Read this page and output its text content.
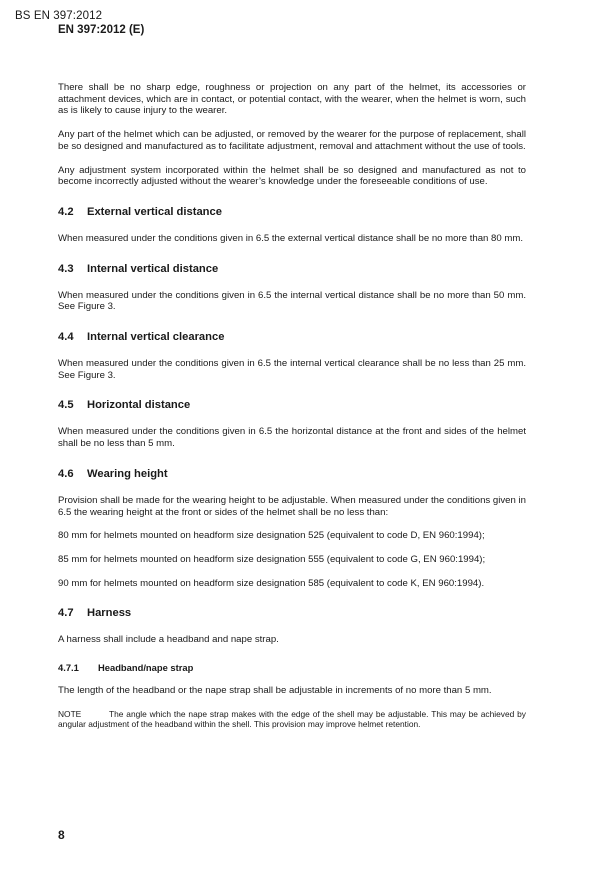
BS EN 397:2012
EN 397:2012 (E)

There shall be no sharp edge, roughness or projection on any part of the helmet, its accessories or attachment devices, which are in contact, or potential contact, with the wearer, when the helmet is worn, such as is likely to cause injury to the wearer.

Any part of the helmet which can be adjusted, or removed by the wearer for the purpose of replacement, shall be so designed and manufactured as to facilitate adjustment, removal and attachment without the use of tools.

Any adjustment system incorporated within the helmet shall be so designed and manufactured as not to become incorrectly adjusted without the wearer’s knowledge under the foreseeable conditions of use.

4.2 External vertical distance

When measured under the conditions given in 6.5 the external vertical distance shall be no more than 80 mm.

4.3 Internal vertical distance

When measured under the conditions given in 6.5 the internal vertical distance shall be no more than 50 mm. See Figure 3.

4.4 Internal vertical clearance

When measured under the conditions given in 6.5 the internal vertical clearance shall be no less than 25 mm. See Figure 3.

4.5 Horizontal distance

When measured under the conditions given in 6.5 the horizontal distance at the front and sides of the helmet shall be no less than 5 mm.

4.6 Wearing height

Provision shall be made for the wearing height to be adjustable. When measured under the conditions given in 6.5 the wearing height at the front or sides of the helmet shall be no less than:

80 mm for helmets mounted on headform size designation 525 (equivalent to code D, EN 960:1994);

85 mm for helmets mounted on headform size designation 555 (equivalent to code G, EN 960:1994);

90 mm for helmets mounted on headform size designation 585 (equivalent to code K, EN 960:1994).

4.7 Harness

A harness shall include a headband and nape strap.

4.7.1 Headband/nape strap

The length of the headband or the nape strap shall be adjustable in increments of no more than 5 mm.

NOTE	The angle which the nape strap makes with the edge of the shell may be adjustable. This may be achieved by angular adjustment of the headband within the shell. This provision may improve helmet retention.

8
